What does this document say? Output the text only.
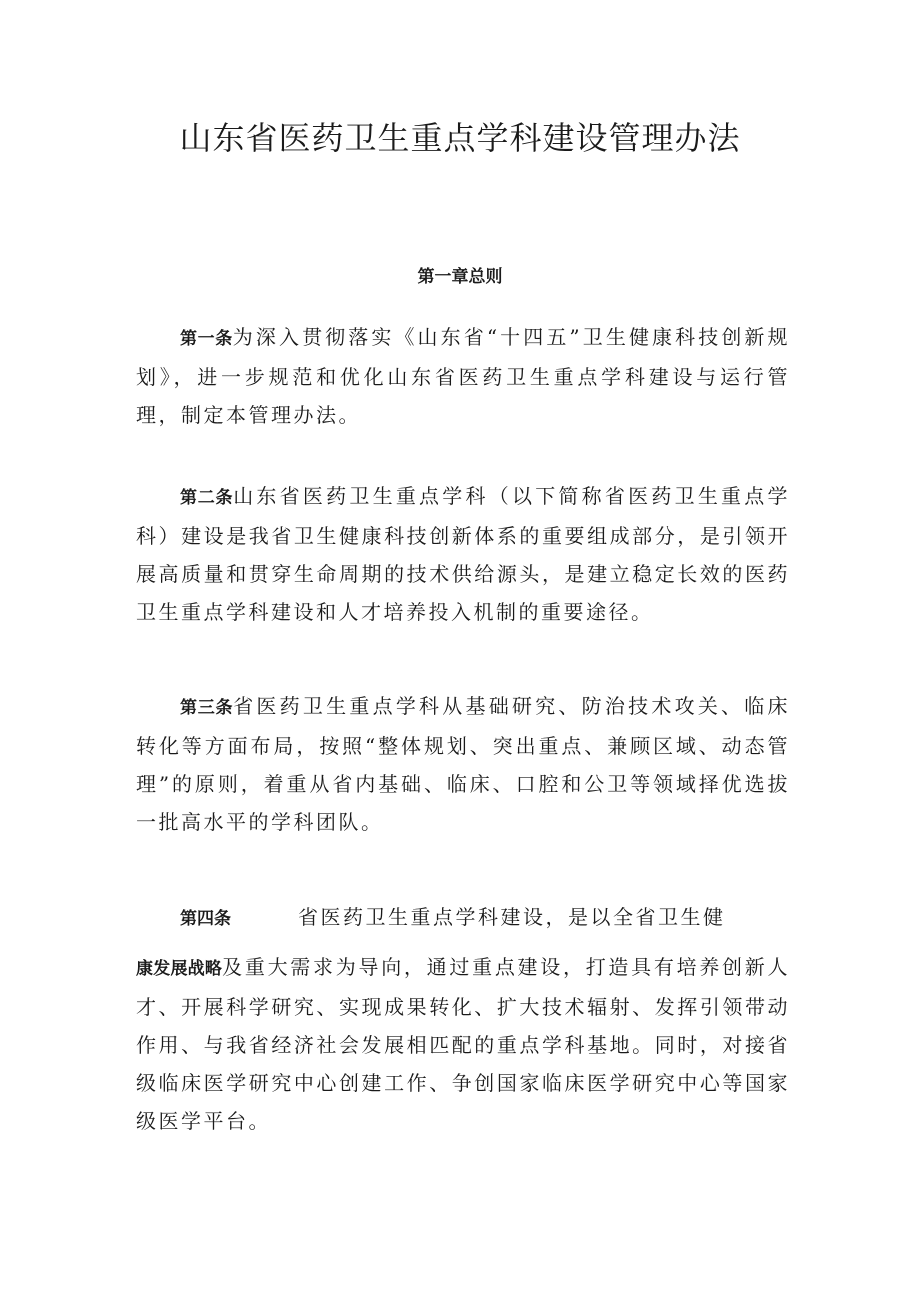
山东省医药卫生重点学科建设管理办法
第一章总则

第一条为深入贯彻落实《山东省“十四五”卫生健康科技创新规划》，进一步规范和优化山东省医药卫生重点学科建设与运行管理，制定本管理办法。

第二条山东省医药卫生重点学科（以下简称省医药卫生重点学科）建设是我省卫生健康科技创新体系的重要组成部分，是引领开展高质量和贯穿生命周期的技术供给源头，是建立稳定长效的医药卫生重点学科建设和人才培养投入机制的重要途径。

第三条省医药卫生重点学科从基础研究、防治技术攻关、临床转化等方面布局，按照“整体规划、突出重点、兼顾区域、动态管理”的原则，着重从省内基础、临床、口腔和公卫等领域择优选拔一批高水平的学科团队。

第四条	省医药卫生重点学科建设，是以全省卫生健

康发展战略及重大需求为导向，通过重点建设，打造具有培养创新人才、开展科学研究、实现成果转化、扩大技术辐射、发挥引领带动作用、与我省经济社会发展相匹配的重点学科基地。同时，对接省级临床医学研究中心创建工作、争创国家临床医学研究中心等国家级医学平台。
